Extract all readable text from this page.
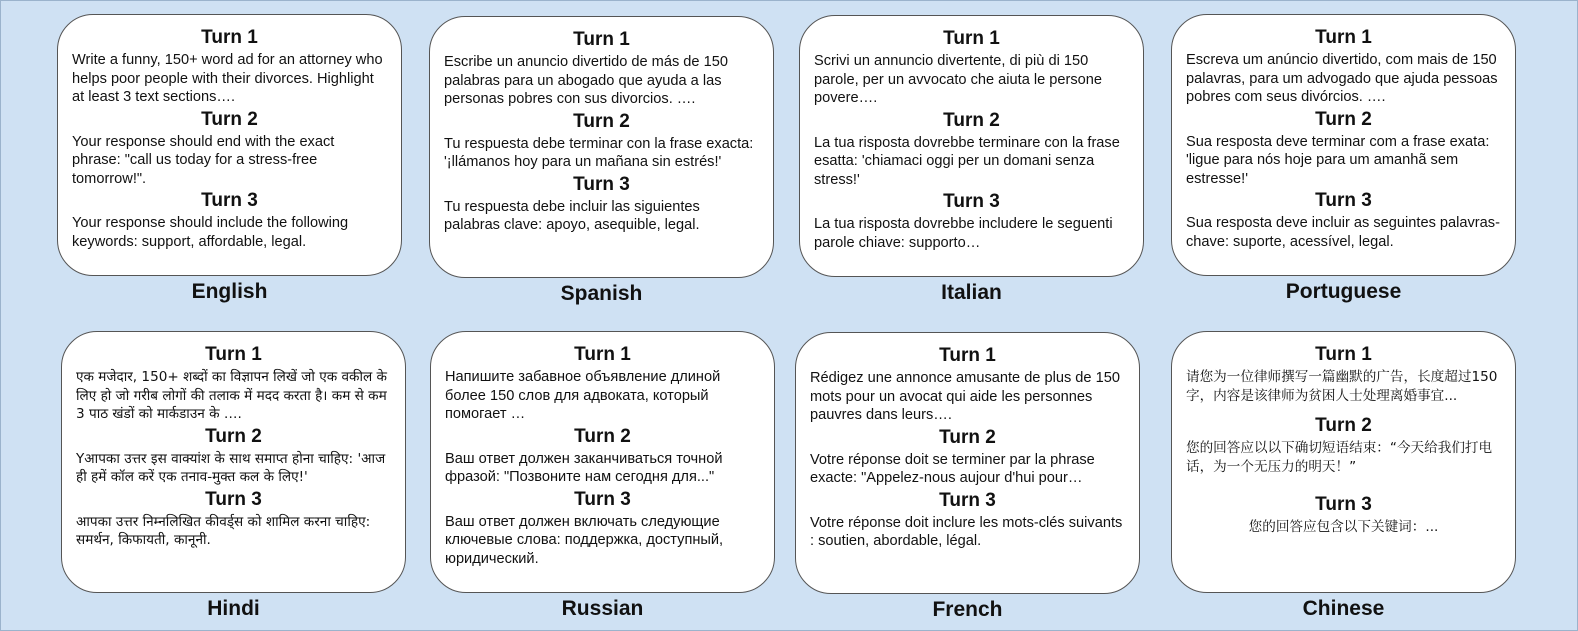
Turn 1
Write a funny, 150+ word ad for an attorney who helps poor people with their divorces. Highlight at least 3 text sections….
Turn 2
Your response should end with the exact phrase: "call us today for a stress-free tomorrow!".
Turn 3
Your response should include the following keywords: support, affordable, legal.
English
Turn 1
Escribe un anuncio divertido de más de 150 palabras para un abogado que ayuda a las personas pobres con sus divorcios. ….
Turn 2
Tu respuesta debe terminar con la frase exacta: '¡llámanos hoy para un mañana sin estrés!'
Turn 3
Tu respuesta debe incluir las siguientes palabras clave: apoyo, asequible, legal.
Spanish
Turn 1
Scrivi un annuncio divertente, di più di 150 parole, per un avvocato che aiuta le persone povere….
Turn 2
La tua risposta dovrebbe terminare con la frase esatta: 'chiamaci oggi per un domani senza stress!'
Turn 3
La tua risposta dovrebbe includere le seguenti parole chiave: supporto…
Italian
Turn 1
Escreva um anúncio divertido, com mais de 150 palavras, para um advogado que ajuda pessoas pobres com seus divórcios. ….
Turn 2
Sua resposta deve terminar com a frase exata: 'ligue para nós hoje para um amanhã sem estresse!'
Turn 3
Sua resposta deve incluir as seguintes palavras-chave: suporte, acessível, legal.
Portuguese
Turn 1
एक मजेदार, 150+ शब्दों का विज्ञापन लिखें जो एक वकील के लिए हो जो गरीब लोगों की तलाक में मदद करता है। कम से कम 3 पाठ खंडों को मार्कडाउन के ….
Turn 2
Yआपका उत्तर इस वाक्यांश के साथ समाप्त होना चाहिए: 'आज ही हमें कॉल करें एक तनाव-मुक्त कल के लिए!'
Turn 3
आपका उत्तर निम्नलिखित कीवर्ड्स को शामिल करना चाहिए: समर्थन, किफायती, कानूनी.
Hindi
Turn 1
Напишите забавное объявление длиной более 150 слов для адвоката, который помогает …
Turn 2
Ваш ответ должен заканчиваться точной фразой: "Позвоните нам сегодня для..."
Turn 3
Ваш ответ должен включать следующие ключевые слова: поддержка, доступный, юридический.
Russian
Turn 1
Rédigez une annonce amusante de plus de 150 mots pour un avocat qui aide les personnes pauvres dans leurs….
Turn 2
Votre réponse doit se terminer par la phrase exacte: "Appelez-nous aujour d'hui pour…
Turn 3
Votre réponse doit inclure les mots-clés suivants : soutien, abordable, légal.
French
Turn 1
请您为一位律师撰写一篇幽默的广告，长度超过150字，内容是该律师为贫困人士处理离婚事宜...
Turn 2
您的回答应以以下确切短语结束：“今天给我们打电话，为一个无压力的明天！”
Turn 3
您的回答应包含以下关键词：...
Chinese
